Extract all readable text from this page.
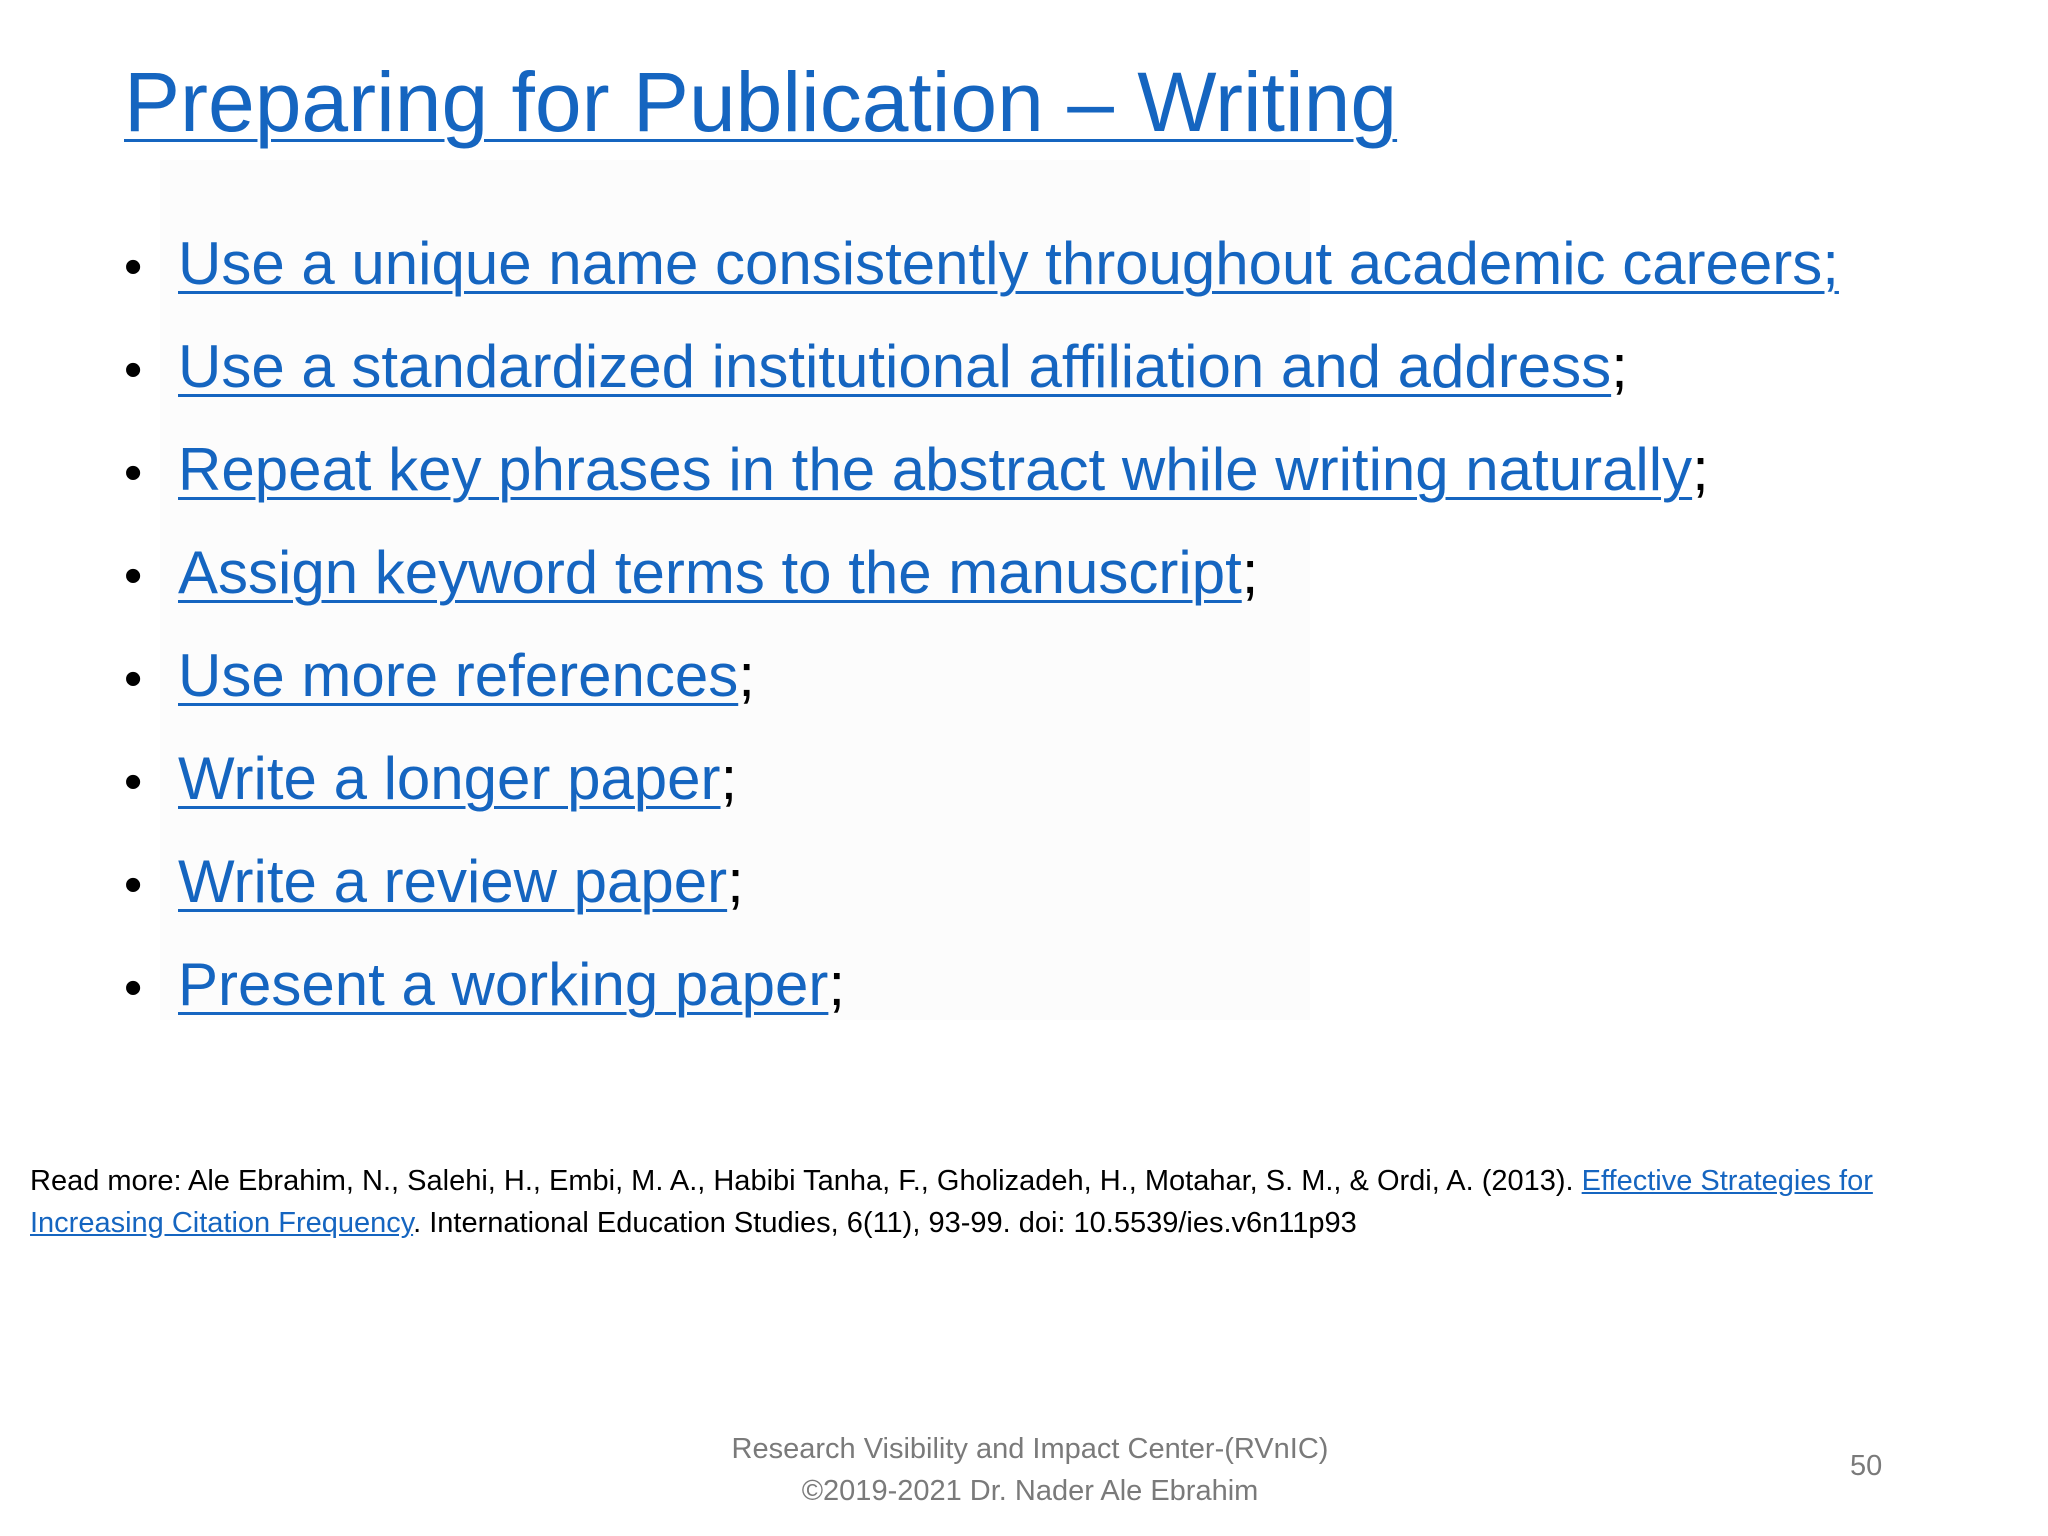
Preparing for Publication – Writing
• Use a unique name consistently throughout academic careers;
• Use a standardized institutional affiliation and address ;
• Repeat key phrases in the abstract while writing naturally ;
• Assign keyword terms to the manuscript ;
• Use more references ;
• Write a longer paper ;
• Write a review paper ;
• Present a working paper ;

Read more: Ale Ebrahim, N., Salehi, H., Embi, M. A., Habibi Tanha, F., Gholizadeh, H., Motahar, S. M., & Ordi, A. (2013). Effective Strategies for Increasing Citation Frequency. International Education Studies, 6(11), 93-99. doi: 10.5539/ies.v6n11p93

Research Visibility and Impact Center-(RVnIC)
©2019-2021 Dr. Nader Ale Ebrahim
50
